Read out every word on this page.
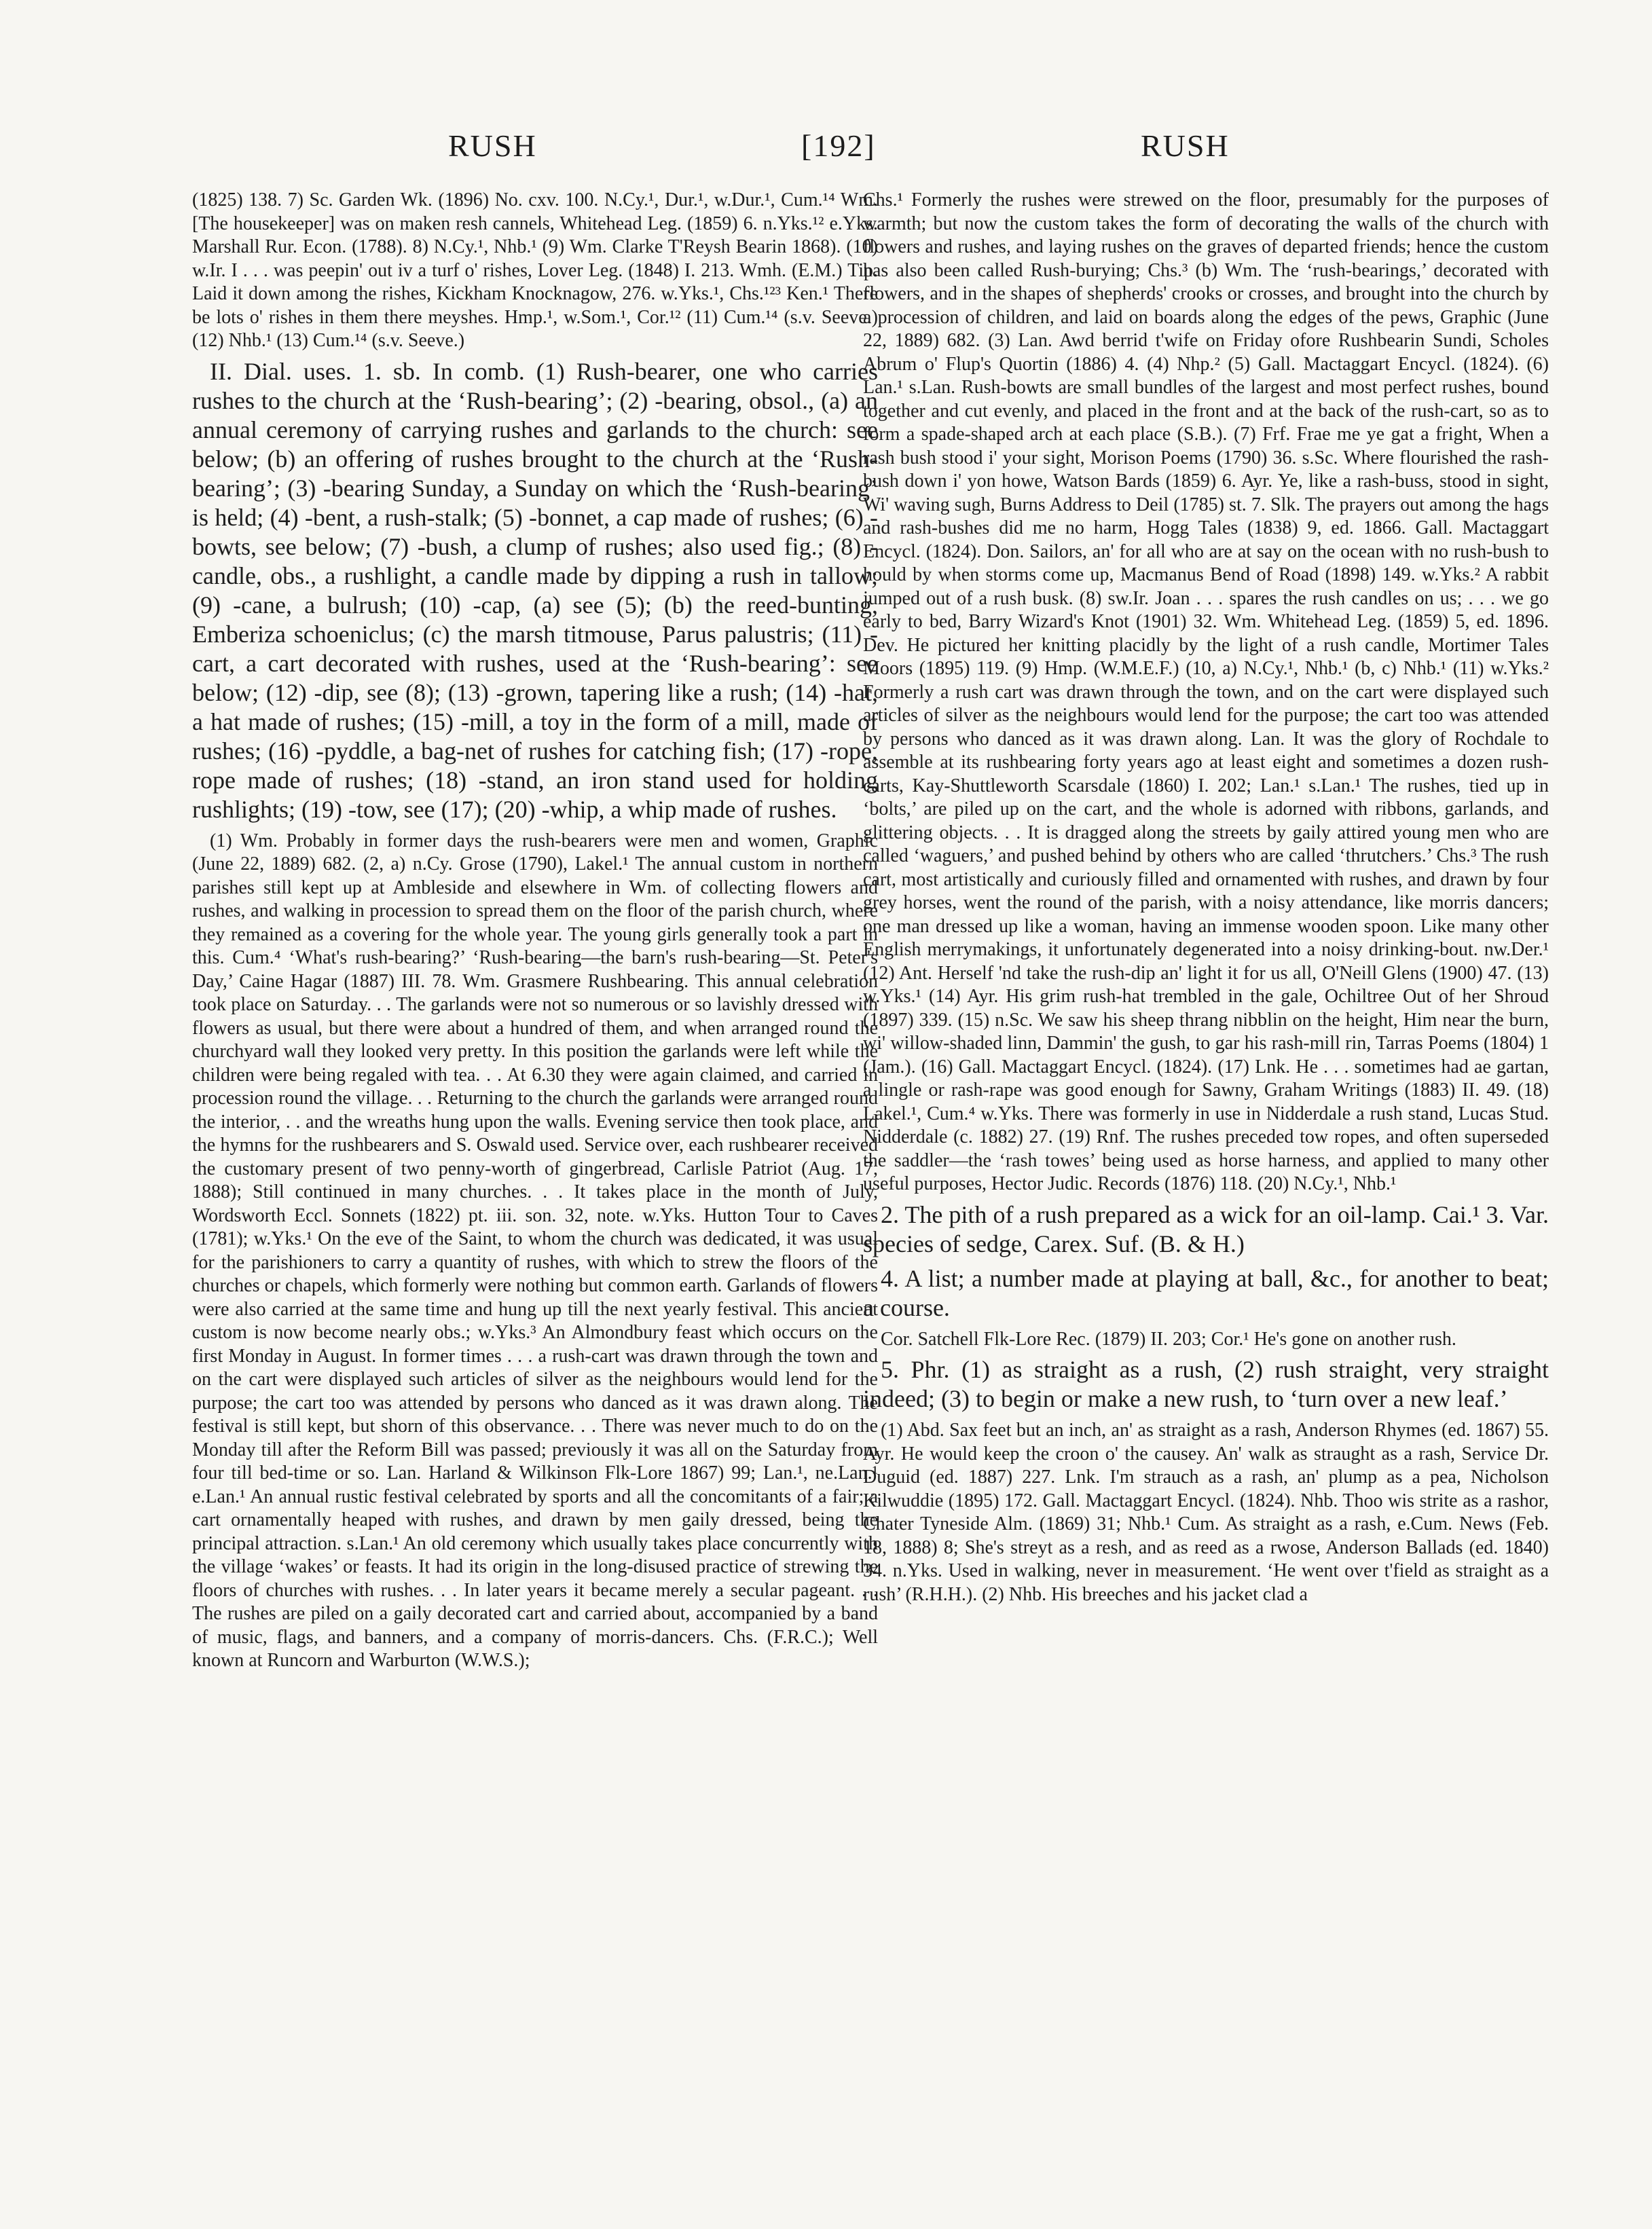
RUSH	[192]	RUSH

(1825) 138. 7) Sc. Garden Wk. (1896) No. cxv. 100. N.Cy.¹, Dur.¹, w.Dur.¹, Cum.¹⁴ Wm. [The housekeeper] was on maken resh cannels, Whitehead Leg. (1859) 6. n.Yks.¹² e.Yks. Marshall Rur. Econ. (1788). 8) N.Cy.¹, Nhb.¹ (9) Wm. Clarke T'Reysh Bearin 1868). (10) w.Ir. I . . . was peepin' out iv a turf o' rishes, Lover Leg. (1848) I. 213. Wmh. (E.M.) Tip. Laid it down among the rishes, Kickham Knocknagow, 276. w.Yks.¹, Chs.¹²³ Ken.¹ There be lots o' rishes in them there meyshes. Hmp.¹, w.Som.¹, Cor.¹² (11) Cum.¹⁴ (s.v. Seeve.) (12) Nhb.¹ (13) Cum.¹⁴ (s.v. Seeve.)

II. Dial. uses. 1. sb. In comb. (1) Rush-bearer, one who carries rushes to the church at the ‘Rush-bearing’; (2) -bearing, obsol., (a) an annual ceremony of carrying rushes and garlands to the church: see below; (b) an offering of rushes brought to the church at the ‘Rush-bearing’; (3) -bearing Sunday, a Sunday on which the ‘Rush-bearing’ is held; (4) -bent, a rush-stalk; (5) -bonnet, a cap made of rushes; (6) -bowts, see below; (7) -bush, a clump of rushes; also used fig.; (8) -candle, obs., a rushlight, a candle made by dipping a rush in tallow; (9) -cane, a bulrush; (10) -cap, (a) see (5); (b) the reed-bunting, Emberiza schoeniclus; (c) the marsh titmouse, Parus palustris; (11) -cart, a cart decorated with rushes, used at the ‘Rush-bearing’: see below; (12) -dip, see (8); (13) -grown, tapering like a rush; (14) -hat, a hat made of rushes; (15) -mill, a toy in the form of a mill, made of rushes; (16) -pyddle, a bag-net of rushes for catching fish; (17) -rope, rope made of rushes; (18) -stand, an iron stand used for holding rushlights; (19) -tow, see (17); (20) -whip, a whip made of rushes.

(1) Wm. Probably in former days the rush-bearers were men and women, Graphic (June 22, 1889) 682. (2, a) n.Cy. Grose (1790), Lakel.¹ The annual custom in northern parishes still kept up at Ambleside and elsewhere in Wm. of collecting flowers and rushes, and walking in procession to spread them on the floor of the parish church, where they remained as a covering for the whole year. The young girls generally took a part in this. Cum.⁴ ‘What's rush-bearing?’ ‘Rush-bearing—the barn's rush-bearing—St. Peter's Day,’ Caine Hagar (1887) III. 78. Wm. Grasmere Rushbearing. This annual celebration took place on Saturday. . . The garlands were not so numerous or so lavishly dressed with flowers as usual, but there were about a hundred of them, and when arranged round the churchyard wall they looked very pretty. In this position the garlands were left while the children were being regaled with tea. . . At 6.30 they were again claimed, and carried in procession round the village. . . Returning to the church the garlands were arranged round the interior, . . and the wreaths hung upon the walls. Evening service then took place, and the hymns for the rushbearers and S. Oswald used. Service over, each rushbearer received the customary present of two penny-worth of gingerbread, Carlisle Patriot (Aug. 17, 1888); Still continued in many churches. . . It takes place in the month of July, Wordsworth Eccl. Sonnets (1822) pt. iii. son. 32, note. w.Yks. Hutton Tour to Caves (1781); w.Yks.¹ On the eve of the Saint, to whom the church was dedicated, it was usual for the parishioners to carry a quantity of rushes, with which to strew the floors of the churches or chapels, which formerly were nothing but common earth. Garlands of flowers were also carried at the same time and hung up till the next yearly festival. This ancient custom is now become nearly obs.; w.Yks.³ An Almondbury feast which occurs on the first Monday in August. In former times . . . a rush-cart was drawn through the town and on the cart were displayed such articles of silver as the neighbours would lend for the purpose; the cart too was attended by persons who danced as it was drawn along. The festival is still kept, but shorn of this observance. . . There was never much to do on the Monday till after the Reform Bill was passed; previously it was all on the Saturday from four till bed-time or so. Lan. Harland & Wilkinson Flk-Lore 1867) 99; Lan.¹, ne.Lan.¹ e.Lan.¹ An annual rustic festival celebrated by sports and all the concomitants of a fair; a cart ornamentally heaped with rushes, and drawn by men gaily dressed, being the principal attraction. s.Lan.¹ An old ceremony which usually takes place concurrently with the village ‘wakes’ or feasts. It had its origin in the long-disused practice of strewing the floors of churches with rushes. . . In later years it became merely a secular pageant. . . The rushes are piled on a gaily decorated cart and carried about, accompanied by a band of music, flags, and banners, and a company of morris-dancers. Chs. (F.R.C.); Well known at Runcorn and Warburton (W.W.S.);

Chs.¹ Formerly the rushes were strewed on the floor, presumably for the purposes of warmth; but now the custom takes the form of decorating the walls of the church with flowers and rushes, and laying rushes on the graves of departed friends; hence the custom has also been called Rush-burying; Chs.³ (b) Wm. The ‘rush-bearings,’ decorated with flowers, and in the shapes of shepherds' crooks or crosses, and brought into the church by a procession of children, and laid on boards along the edges of the pews, Graphic (June 22, 1889) 682. (3) Lan. Awd berrid t'wife on Friday ofore Rushbearin Sundi, Scholes Abrum o' Flup's Quortin (1886) 4. (4) Nhp.² (5) Gall. Mactaggart Encycl. (1824). (6) Lan.¹ s.Lan. Rush-bowts are small bundles of the largest and most perfect rushes, bound together and cut evenly, and placed in the front and at the back of the rush-cart, so as to form a spade-shaped arch at each place (S.B.). (7) Frf. Frae me ye gat a fright, When a rash bush stood i' your sight, Morison Poems (1790) 36. s.Sc. Where flourished the rash-bush down i' yon howe, Watson Bards (1859) 6. Ayr. Ye, like a rash-buss, stood in sight, Wi' waving sugh, Burns Address to Deil (1785) st. 7. Slk. The prayers out among the hags and rash-bushes did me no harm, Hogg Tales (1838) 9, ed. 1866. Gall. Mactaggart Encycl. (1824). Don. Sailors, an' for all who are at say on the ocean with no rush-bush to hould by when storms come up, Macmanus Bend of Road (1898) 149. w.Yks.² A rabbit jumped out of a rush busk. (8) sw.Ir. Joan . . . spares the rush candles on us; . . . we go early to bed, Barry Wizard's Knot (1901) 32. Wm. Whitehead Leg. (1859) 5, ed. 1896. Dev. He pictured her knitting placidly by the light of a rush candle, Mortimer Tales Moors (1895) 119. (9) Hmp. (W.M.E.F.) (10, a) N.Cy.¹, Nhb.¹ (b, c) Nhb.¹ (11) w.Yks.² Formerly a rush cart was drawn through the town, and on the cart were displayed such articles of silver as the neighbours would lend for the purpose; the cart too was attended by persons who danced as it was drawn along. Lan. It was the glory of Rochdale to assemble at its rushbearing forty years ago at least eight and sometimes a dozen rush-carts, Kay-Shuttleworth Scarsdale (1860) I. 202; Lan.¹ s.Lan.¹ The rushes, tied up in ‘bolts,’ are piled up on the cart, and the whole is adorned with ribbons, garlands, and glittering objects. . . It is dragged along the streets by gaily attired young men who are called ‘waguers,’ and pushed behind by others who are called ‘thrutchers.’ Chs.³ The rush cart, most artistically and curiously filled and ornamented with rushes, and drawn by four grey horses, went the round of the parish, with a noisy attendance, like morris dancers; one man dressed up like a woman, having an immense wooden spoon. Like many other English merrymakings, it unfortunately degenerated into a noisy drinking-bout. nw.Der.¹ (12) Ant. Herself 'nd take the rush-dip an' light it for us all, O'Neill Glens (1900) 47. (13) w.Yks.¹ (14) Ayr. His grim rush-hat trembled in the gale, Ochiltree Out of her Shroud (1897) 339. (15) n.Sc. We saw his sheep thrang nibblin on the height, Him near the burn, wi' willow-shaded linn, Dammin' the gush, to gar his rash-mill rin, Tarras Poems (1804) 1 (Jam.). (16) Gall. Mactaggart Encycl. (1824). (17) Lnk. He . . . sometimes had ae gartan, a lingle or rash-rape was good enough for Sawny, Graham Writings (1883) II. 49. (18) Lakel.¹, Cum.⁴ w.Yks. There was formerly in use in Nidderdale a rush stand, Lucas Stud. Nidderdale (c. 1882) 27. (19) Rnf. The rushes preceded tow ropes, and often superseded the saddler—the ‘rash towes’ being used as horse harness, and applied to many other useful purposes, Hector Judic. Records (1876) 118. (20) N.Cy.¹, Nhb.¹

2. The pith of a rush prepared as a wick for an oil-lamp. Cai.¹ 3. Var. species of sedge, Carex. Suf. (B. & H.)

4. A list; a number made at playing at ball, &c., for another to beat; a course.

Cor. Satchell Flk-Lore Rec. (1879) II. 203; Cor.¹ He's gone on another rush.

5. Phr. (1) as straight as a rush, (2) rush straight, very straight indeed; (3) to begin or make a new rush, to ‘turn over a new leaf.’

(1) Abd. Sax feet but an inch, an' as straight as a rash, Anderson Rhymes (ed. 1867) 55. Ayr. He would keep the croon o' the causey. An' walk as straught as a rash, Service Dr. Duguid (ed. 1887) 227. Lnk. I'm strauch as a rash, an' plump as a pea, Nicholson Kilwuddie (1895) 172. Gall. Mactaggart Encycl. (1824). Nhb. Thoo wis strite as a rashor, Chater Tyneside Alm. (1869) 31; Nhb.¹ Cum. As straight as a rash, e.Cum. News (Feb. 18, 1888) 8; She's streyt as a resh, and as reed as a rwose, Anderson Ballads (ed. 1840) 34. n.Yks. Used in walking, never in measurement. ‘He went over t'field as straight as a rush’ (R.H.H.). (2) Nhb. His breeches and his jacket clad a
